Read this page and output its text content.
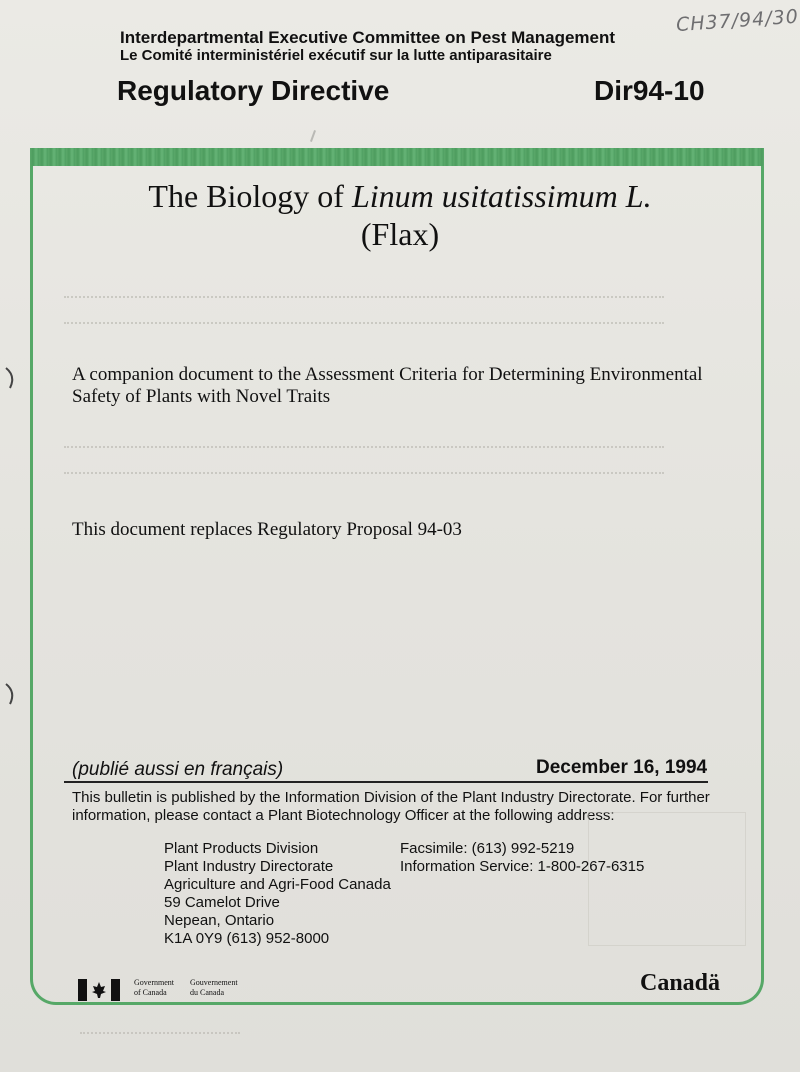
CH37/94/30
Interdepartmental Executive Committee on Pest Management
Le Comité interministériel exécutif sur la lutte antiparasitaire
Regulatory Directive	Dir94-10
The Biology of Linum usitatissimum L.
(Flax)
A companion document to the Assessment Criteria for Determining Environmental Safety of Plants with Novel Traits
This document replaces Regulatory Proposal 94-03
(publié aussi en français)	December 16, 1994
This bulletin is published by the Information Division of the Plant Industry Directorate. For further information, please contact a Plant Biotechnology Officer at the following address:
Plant Products Division
Plant Industry Directorate
Agriculture and Agri-Food Canada
59 Camelot Drive
Nepean, Ontario
K1A 0Y9 (613) 952-8000
Facsimile: (613) 992-5219
Information Service: 1-800-267-6315
Government
of Canada
Gouvernement
du Canada	Canadä
